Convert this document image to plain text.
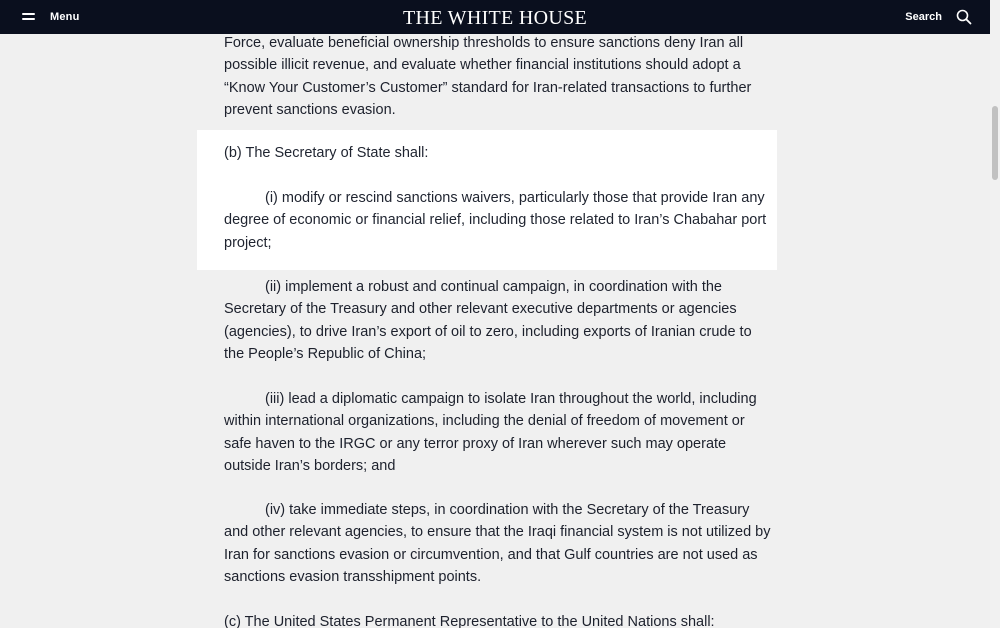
Force, evaluate beneficial ownership thresholds to ensure sanctions deny Iran all possible illicit revenue, and evaluate whether financial institutions should adopt a “Know Your Customer’s Customer” standard for Iran-related transactions to further prevent sanctions evasion.

(b) The Secretary of State shall:

(i) modify or rescind sanctions waivers, particularly those that provide Iran any degree of economic or financial relief, including those related to Iran’s Chabahar port project;

(ii) implement a robust and continual campaign, in coordination with the Secretary of the Treasury and other relevant executive departments or agencies (agencies), to drive Iran’s export of oil to zero, including exports of Iranian crude to the People’s Republic of China;

(iii) lead a diplomatic campaign to isolate Iran throughout the world, including within international organizations, including the denial of freedom of movement or safe haven to the IRGC or any terror proxy of Iran wherever such may operate outside Iran’s borders; and

(iv) take immediate steps, in coordination with the Secretary of the Treasury and other relevant agencies, to ensure that the Iraqi financial system is not utilized by Iran for sanctions evasion or circumvention, and that Gulf countries are not used as sanctions evasion transshipment points.

(c) The United States Permanent Representative to the United Nations shall:

Menu	THE WHITE HOUSE	Search
